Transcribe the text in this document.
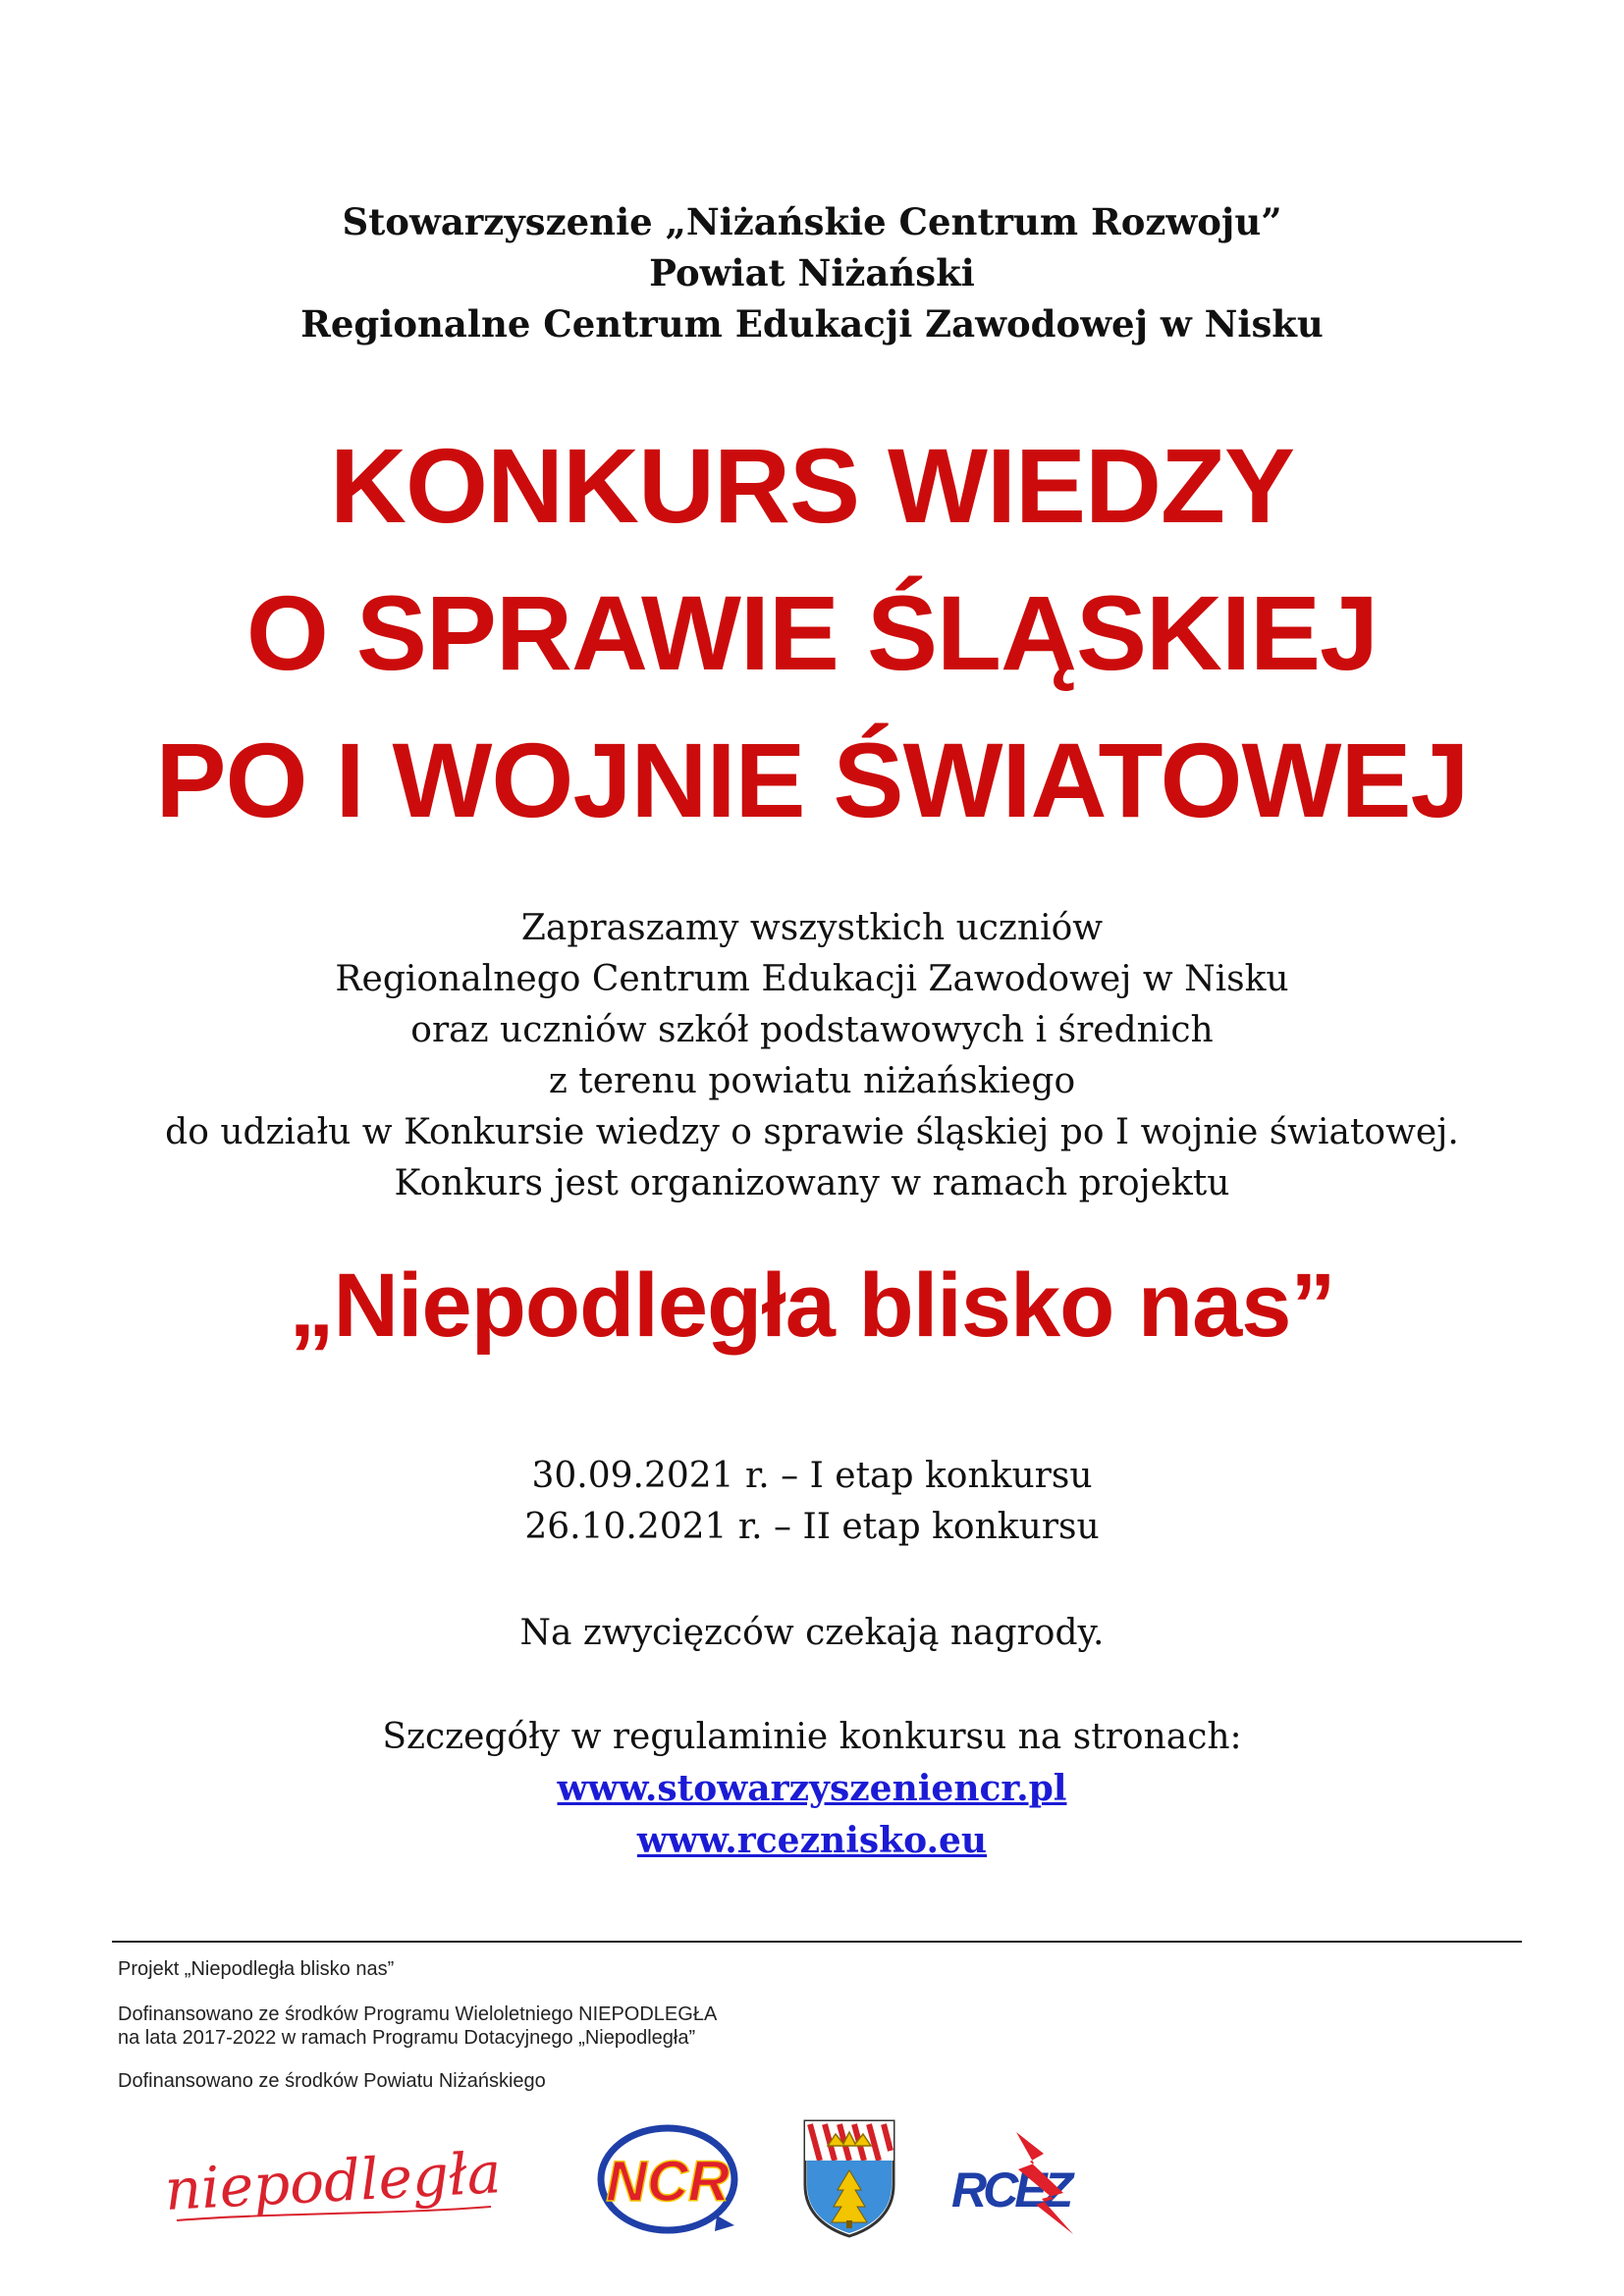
Stowarzyszenie „Niżańskie Centrum Rozwoju”
Powiat Niżański
Regionalne Centrum Edukacji Zawodowej w Nisku
KONKURS WIEDZY
O SPRAWIE ŚLĄSKIEJ
PO I WOJNIE ŚWIATOWEJ
Zapraszamy wszystkich uczniów
Regionalnego Centrum Edukacji Zawodowej w Nisku
oraz uczniów szkół podstawowych i średnich
z terenu powiatu niżańskiego
do udziału w Konkursie wiedzy o sprawie śląskiej po I wojnie światowej.
Konkurs jest organizowany w ramach projektu
„Niepodległa blisko nas”
30.09.2021 r. – I etap konkursu
26.10.2021 r. – II etap konkursu
Na zwycięzców czekają nagrody.
Szczegóły w regulaminie konkursu na stronach:
www.stowarzyszeniencr.pl
www.rceznisko.eu
Projekt „Niepodległa blisko nas”
Dofinansowano ze środków Programu Wieloletniego NIEPODLEGŁA
na lata 2017-2022 w ramach Programu Dotacyjnego „Niepodległa”
Dofinansowano ze środków Powiatu Niżańskiego
niepodległa NCR	RCEZ
